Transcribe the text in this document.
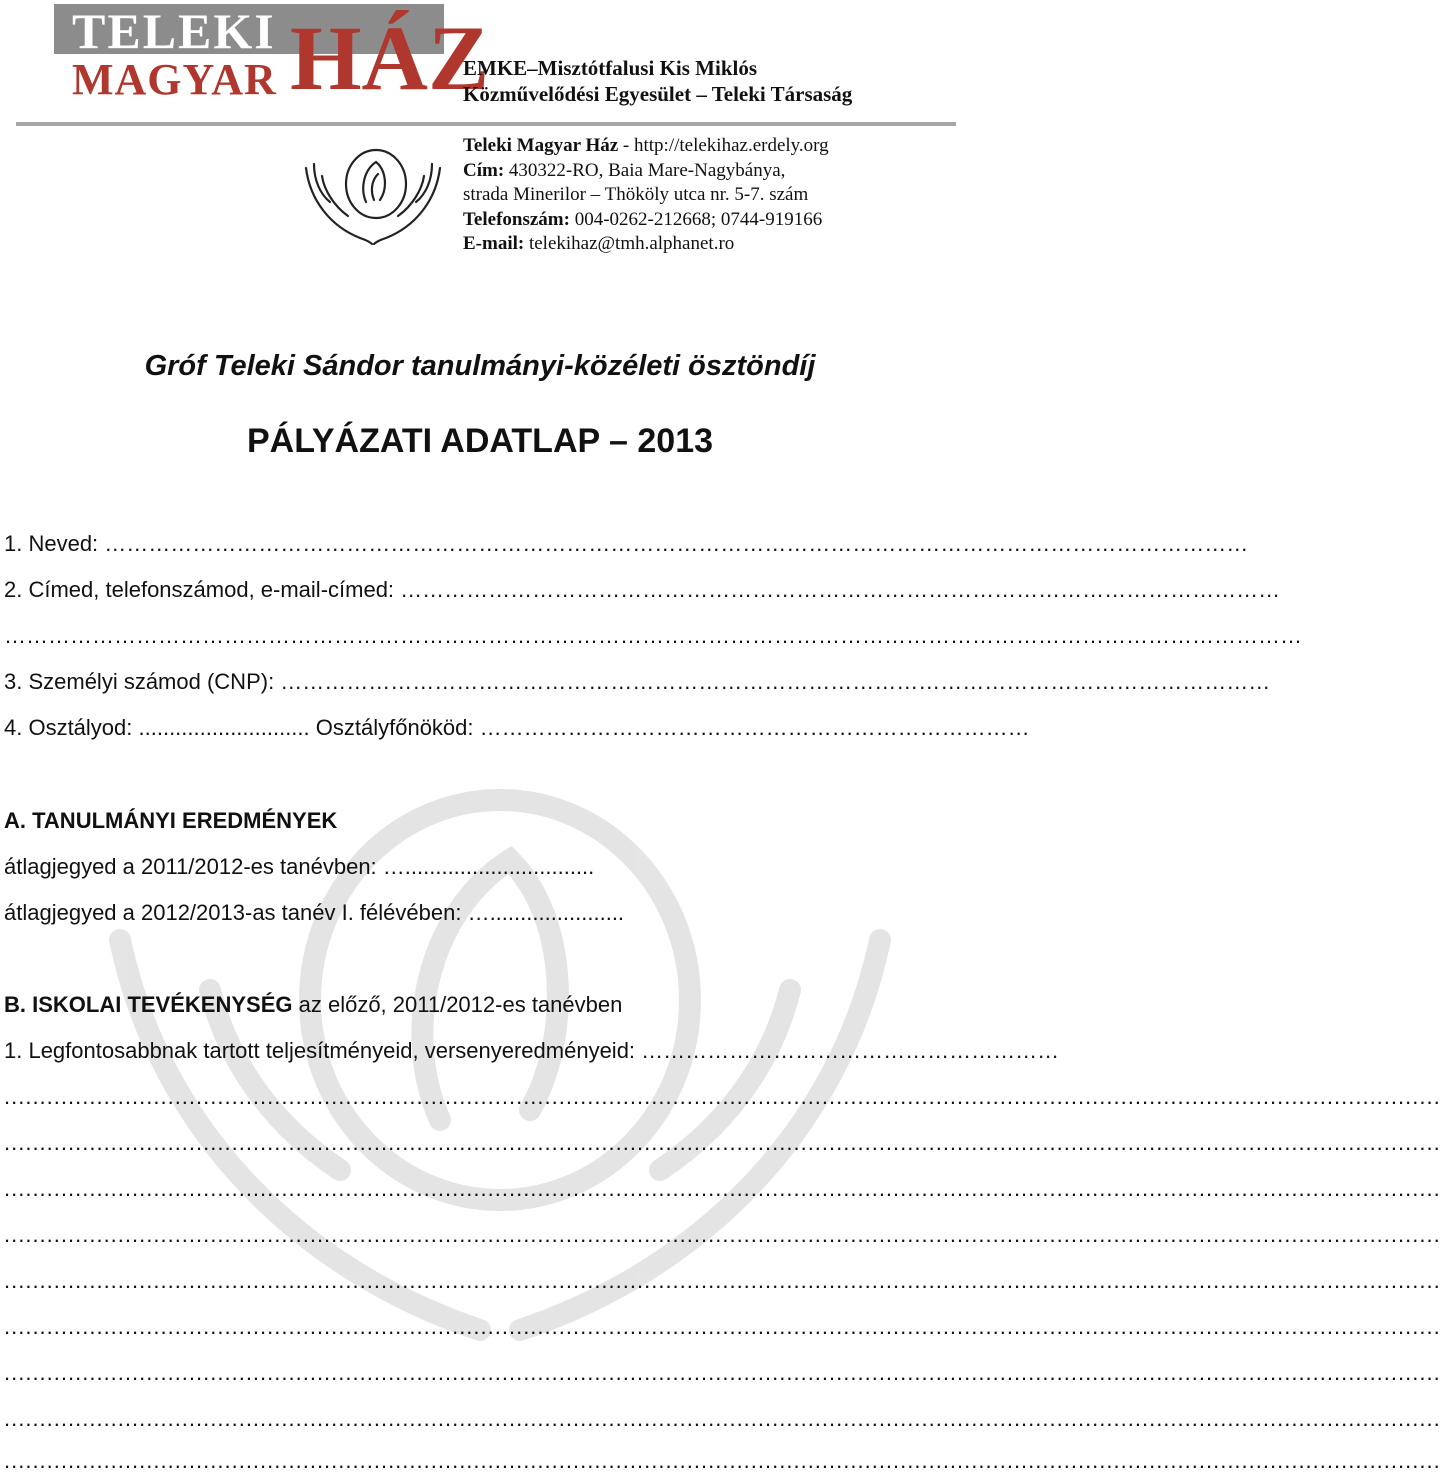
TELEKI
MAGYAR HÁZ
EMKE–Misztótfalusi Kis Miklós
Közművelődési Egyesület – Teleki Társaság
Teleki Magyar Ház - http://telekihaz.erdely.org
Cím: 430322-RO, Baia Mare-Nagybánya,
strada Minerilor – Thököly utca nr. 5-7. szám
Telefonszám: 004-0262-212668; 0744-919166
E-mail: telekihaz@tmh.alphanet.ro
Gróf Teleki Sándor tanulmányi-közéleti ösztöndíj
PÁLYÁZATI ADATLAP – 2013
1. Neved: …………………………………………………………………………………………………………………………………………
2. Címed, telefonszámod, e-mail-címed: …………………………………………………………………………………………………………
……………………………………………………………………………………………………………………………………………………………
3. Személyi számod (CNP): ………………………………………………………………………………………………………………………
4. Osztályod: ............................ Osztályfőnököd: …………………………………………………………………
A. TANULMÁNYI EREDMÉNYEK
átlagjegyed a 2011/2012-es tanévben: …...............................
átlagjegyed a 2012/2013-as tanév I. félévében: …......................
B. ISKOLAI TEVÉKENYSÉG az előző, 2011/2012-es tanévben
1. Legfontosabbnak tartott teljesítményeid, versenyeredményeid: …………………………………………………
..........................................................................................................................................................................................................
..........................................................................................................................................................................................................
..........................................................................................................................................................................................................
..........................................................................................................................................................................................................
..........................................................................................................................................................................................................
..........................................................................................................................................................................................................
..........................................................................................................................................................................................................
..........................................................................................................................................................................................................
..........................................................................................................................................................................................................
